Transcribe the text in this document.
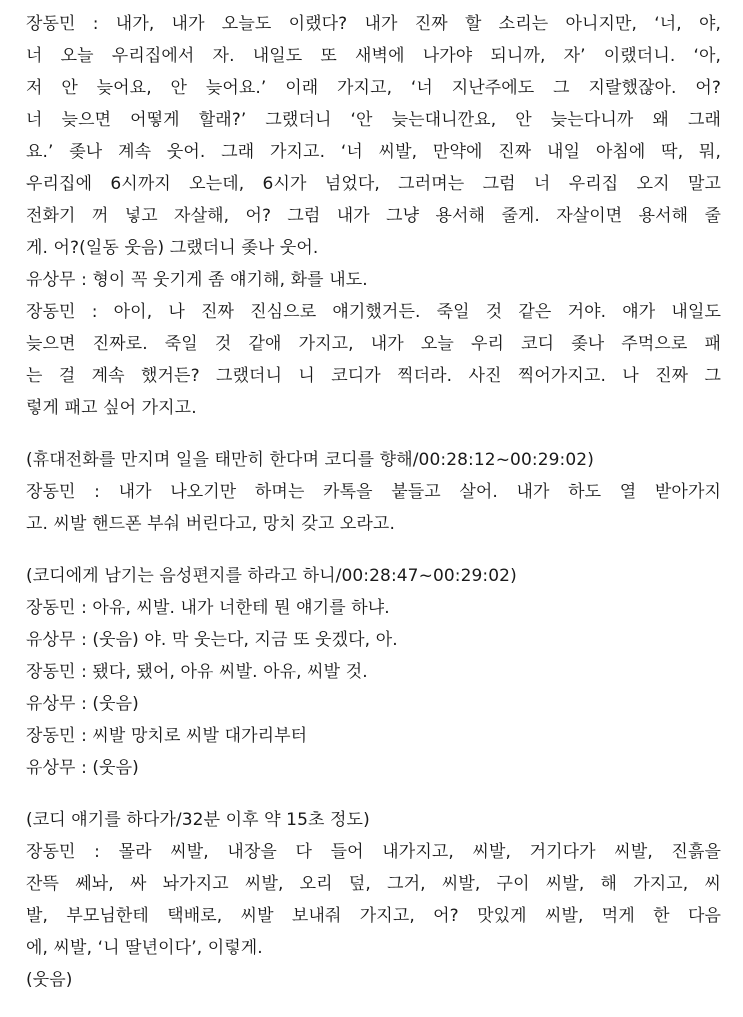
장동민 : 내가, 내가 오늘도 이랬다? 내가 진짜 할 소리는 아니지만, ‘너, 야,
너 오늘 우리집에서 자. 내일도 또 새벽에 나가야 되니까, 자’ 이랬더니. ‘아,
저 안 늦어요, 안 늦어요.’ 이래 가지고, ‘너 지난주에도 그 지랄했잖아. 어?
너 늦으면 어떻게 할래?’ 그랬더니 ‘안 늦는대니깐요, 안 늦는다니까 왜 그래
요.’ 좆나 계속 웃어. 그래 가지고. ‘너 씨발, 만약에 진짜 내일 아침에 딱, 뭐,
우리집에 6시까지 오는데, 6시가 넘었다, 그러며는 그럼 너 우리집 오지 말고
전화기 꺼 넣고 자살해, 어? 그럼 내가 그냥 용서해 줄게. 자살이면 용서해 줄
게. 어?(일동 웃음) 그랬더니 좆나 웃어.
유상무 : 형이 꼭 웃기게 좀 얘기해, 화를 내도.
장동민 : 아이, 나 진짜 진심으로 얘기했거든. 죽일 것 같은 거야. 얘가 내일도
늦으면 진짜로. 죽일 것 같애 가지고, 내가 오늘 우리 코디 좆나 주먹으로 패
는 걸 계속 했거든? 그랬더니 니 코디가 찍더라. 사진 찍어가지고. 나 진짜 그
렇게 패고 싶어 가지고.
(휴대전화를 만지며 일을 태만히 한다며 코디를 향해/00:28:12~00:29:02)
장동민 : 내가 나오기만 하며는 카톡을 붙들고 살어. 내가 하도 열 받아가지
고. 씨발 핸드폰 부숴 버린다고, 망치 갖고 오라고.
(코디에게 남기는 음성편지를 하라고 하니/00:28:47~00:29:02)
장동민 : 아유, 씨발. 내가 너한테 뭔 얘기를 하냐.
유상무 : (웃음) 야. 막 웃는다, 지금 또 웃겠다, 아.
장동민 : 됐다, 됐어, 아유 씨발. 아유, 씨발 것.
유상무 : (웃음)
장동민 : 씨발 망치로 씨발 대가리부터
유상무 : (웃음)
(코디 얘기를 하다가/32분 이후 약 15초 정도)
장동민 : 몰라 씨발, 내장을 다 들어 내가지고, 씨발, 거기다가 씨발, 진흙을
잔뜩 쎄놔, 싸 놔가지고 씨발, 오리 덮, 그거, 씨발, 구이 씨발, 해 가지고, 씨
발, 부모님한테 택배로, 씨발 보내줘 가지고, 어? 맛있게 씨발, 먹게 한 다음
에, 씨발, ‘니 딸년이다’, 이렇게.
(웃음)
